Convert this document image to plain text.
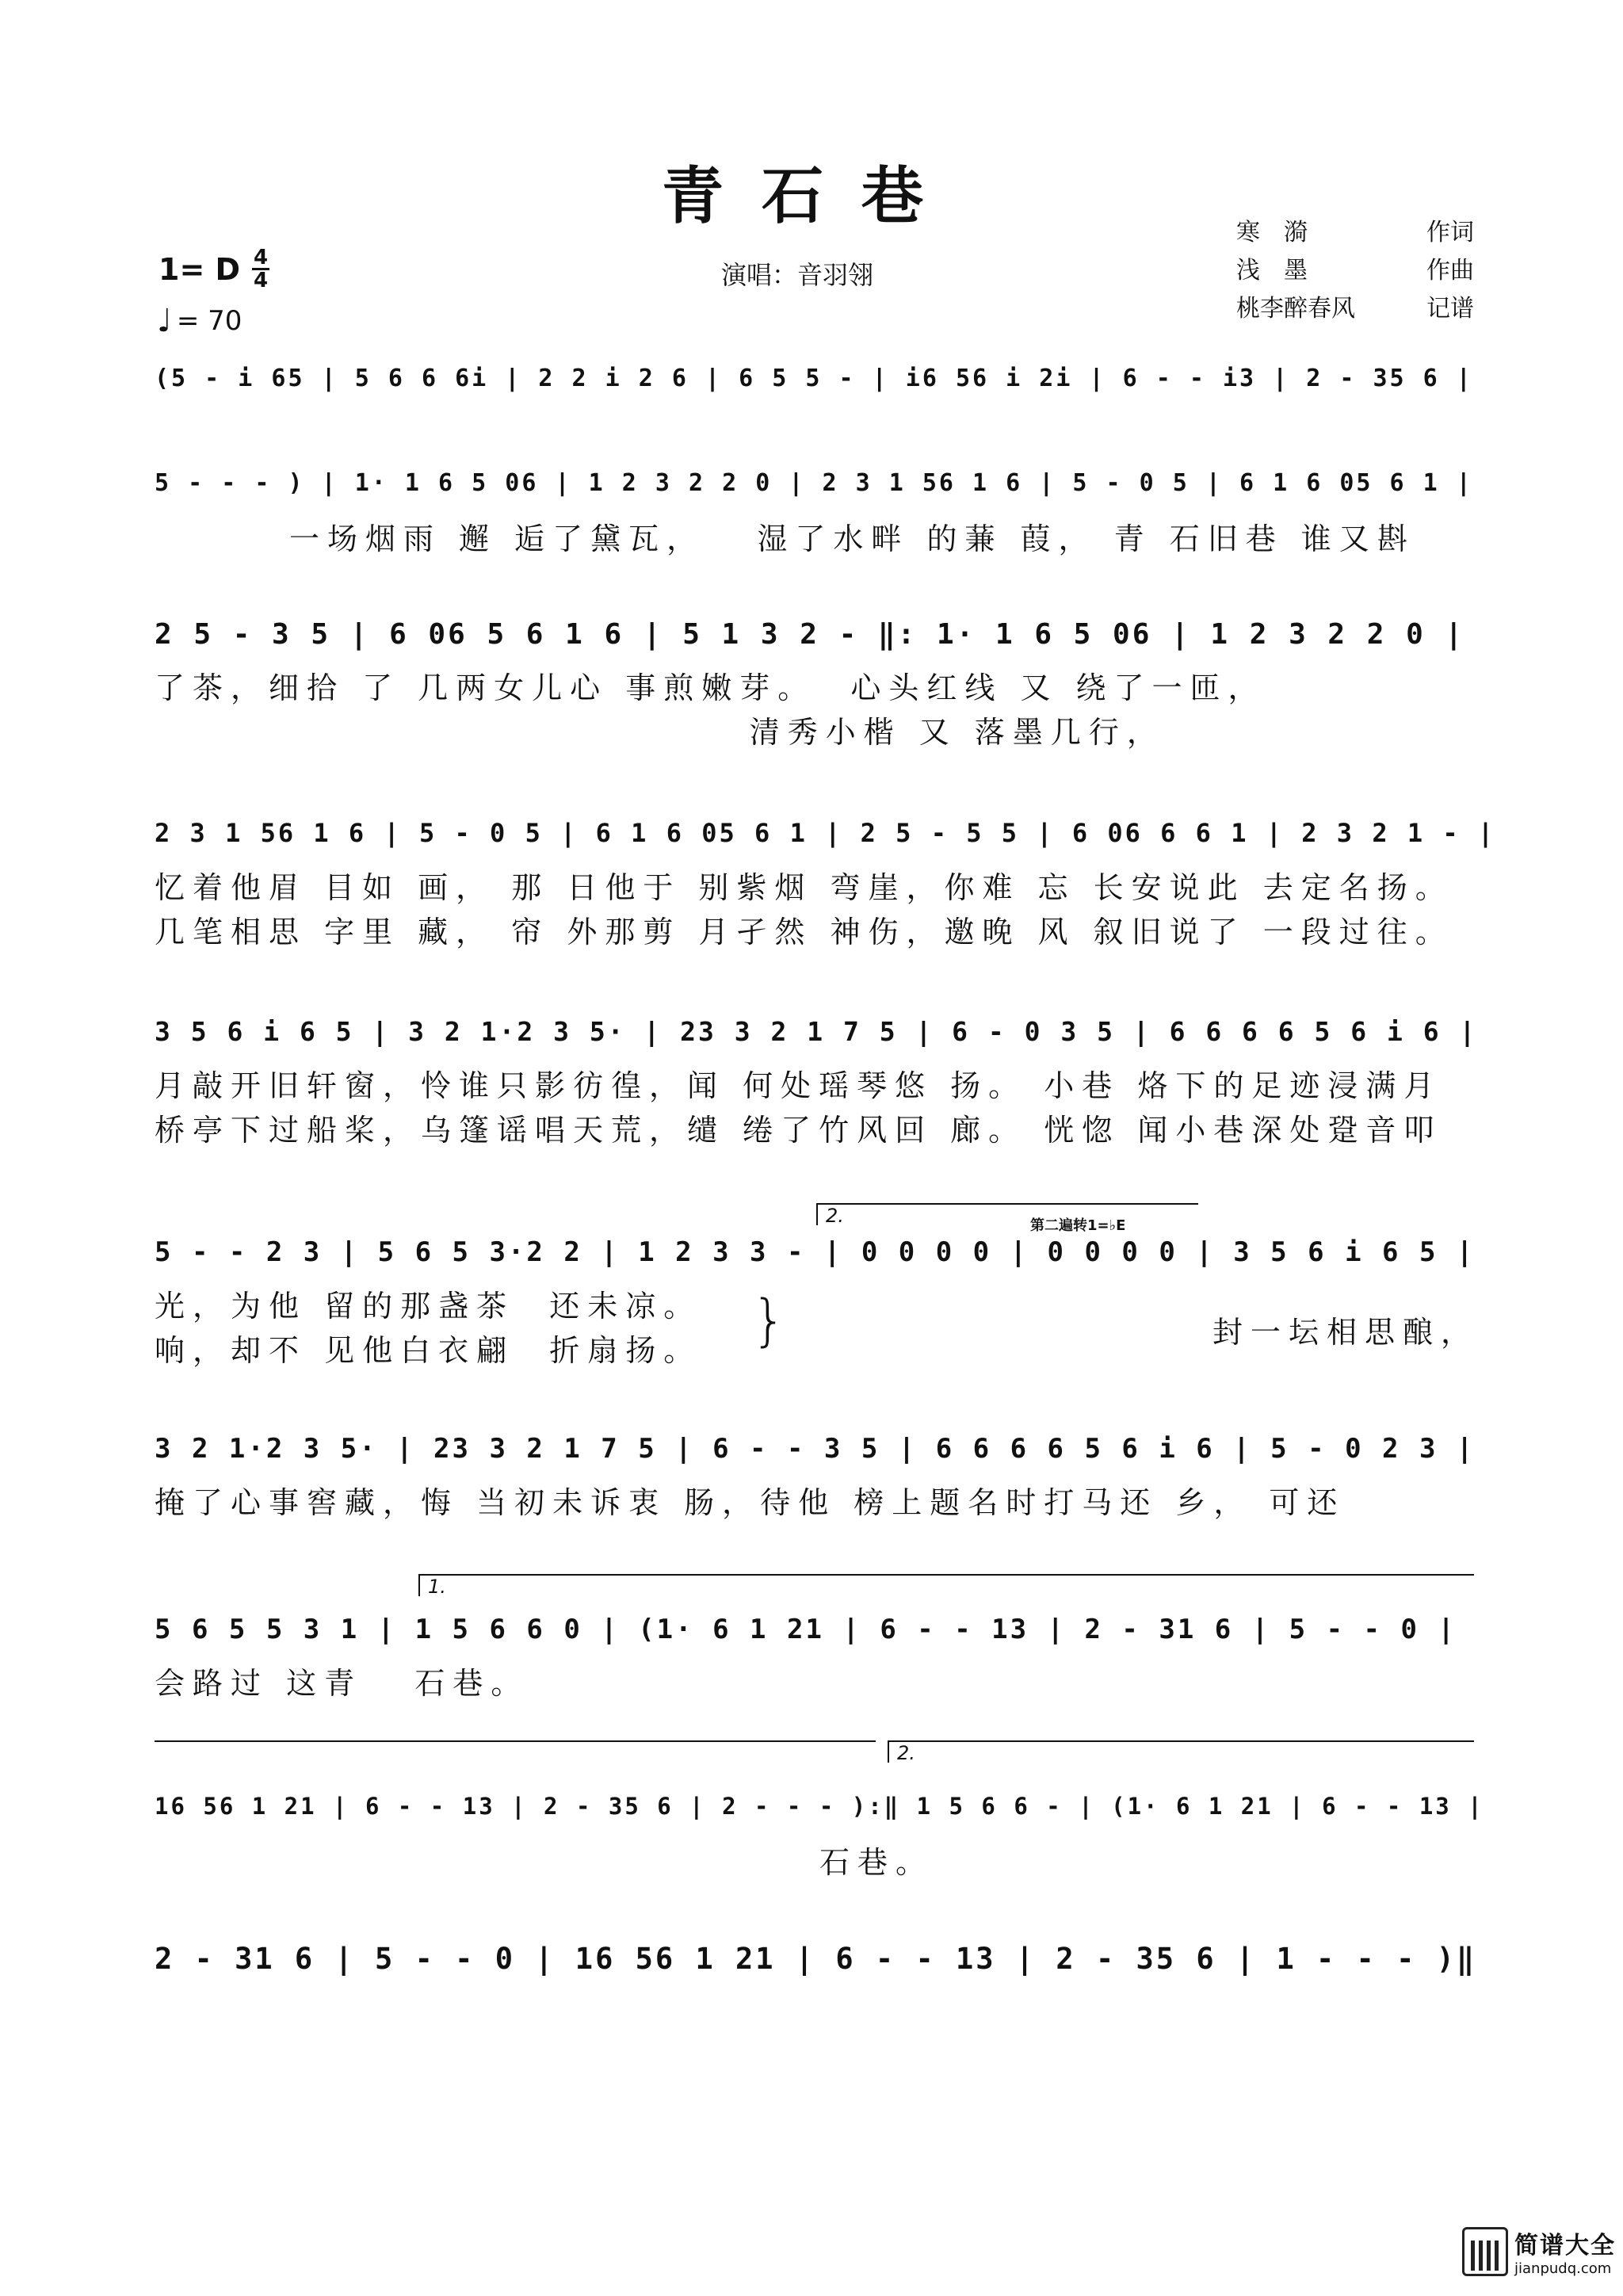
青石巷
演唱：音羽翎
寒　漪	作词
浅　墨	作曲
桃李醉春风	记谱
1= D 4
4
♩ = 70
(5 - i 65 | 5 6 6 6i | 2 2 i 2 6 | 6 5 5 - | i6 56 i 2i | 6 - - i3 | 2 - 35 6 |
5 - - - ) | 1· 1 6 5 06 | 1 2 3 2 2 0 | 2 3 1 56 1 6 | 5 - 0 5 | 6 1 6 05 6 1 |
一场烟雨 邂 逅了黛瓦，   湿了水畔 的蒹 葭， 青 石旧巷 谁又斟
2 5 - 3 5 | 6 06 5 6 1 6 | 5 1 3 2 - ‖: 1· 1 6 5 06 | 1 2 3 2 2 0 |
了茶，细拾 了 几两女儿心 事煎嫩芽。  心头红线 又 绕了一匝，
清秀小楷 又 落墨几行，
2 3 1 56 1 6 | 5 - 0 5 | 6 1 6 05 6 1 | 2 5 - 5 5 | 6 06 6 6 1 | 2 3 2 1 - |
忆着他眉 目如 画， 那 日他于 别紫烟 弯崖，你难 忘 长安说此 去定名扬。
几笔相思 字里 藏， 帘 外那剪 月孑然 神伤，邀晚 风 叙旧说了 一段过往。
3 5 6 i 6 5 | 3 2 1·2 3 5· | 23 3 2 1 7 5 | 6 - 0 3 5 | 6 6 6 6 5 6 i 6 |
月敲开旧轩窗，怜谁只影彷徨，闻 何处瑶琴悠 扬。 小巷 烙下的足迹浸满月
桥亭下过船桨，乌篷谣唱天荒，缱 绻了竹风回 廊。 恍惚 闻小巷深处跫音叩
5 - - 2 3 | 5 6 5 3·2 2 | 1 2 3 3 - | 0 0 0 0 | 0 0 0 0 | 3 5 6 i 6 5 |
光，为他 留的那盏茶  还未凉。
响，却不 见他白衣翩  折扇扬。
2.	第二遍转1=♭E
}	封一坛相思酿，
3 2 1·2 3 5· | 23 3 2 1 7 5 | 6 - - 3 5 | 6 6 6 6 5 6 i 6 | 5 - 0 2 3 |
掩了心事窖藏，悔 当初未诉衷 肠，待他 榜上题名时打马还 乡， 可还
5 6 5 5 3 1 | 1 5 6 6 0 | (1· 6 1 21 | 6 - - 13 | 2 - 31 6 | 5 - - 0 |
会路过 这青   石巷。
1.
16 56 1 21 | 6 - - 13 | 2 - 35 6 | 2 - - - ):‖ 1 5 6 6 - | (1· 6 1 21 | 6 - - 13 |
石巷。
2.
2 - 31 6 | 5 - - 0 | 16 56 1 21 | 6 - - 13 | 2 - 35 6 | 1 - - - )‖
简谱大全
jianpudq.com
